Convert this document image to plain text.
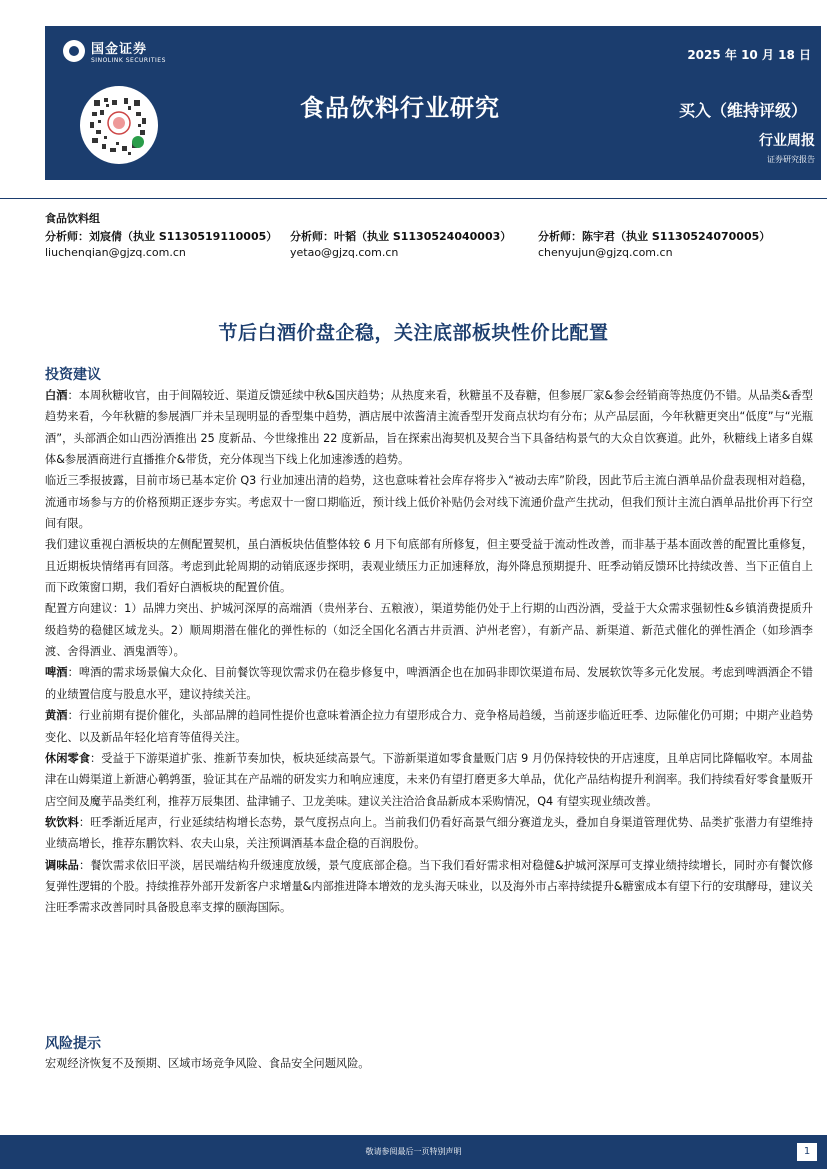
国金证券
SINOLINK SECURITIES	2025 年 10 月 18 日
食品饮料行业研究	买入（维持评级）
行业周报
证券研究报告
食品饮料组
分析师：刘宸倩（执业 S1130519110005） 分析师：叶韬（执业 S1130524040003） 分析师：陈宇君（执业 S1130524070005）
liuchenqian@gjzq.com.cn	yetao@gjzq.com.cn	chenyujun@gjzq.com.cn
节后白酒价盘企稳，关注底部板块性价比配置
投资建议

白酒：本周秋糖收官，由于间隔较近、渠道反馈延续中秋&国庆趋势；从热度来看，秋糖虽不及春糖，但参展厂家&参会经销商等热度仍不错。从品类&香型趋势来看，今年秋糖的参展酒厂并未呈现明显的香型集中趋势，酒店展中浓酱清主流香型开发商点状均有分布；从产品层面，今年秋糖更突出“低度”与“光瓶酒”，头部酒企如山西汾酒推出 25 度新品、今世缘推出 22 度新品，旨在探索出海契机及契合当下具备结构景气的大众自饮赛道。此外，秋糖线上诸多自媒体&参展酒商进行直播推介&带货，充分体现当下线上化加速渗透的趋势。

临近三季报披露，目前市场已基本定价 Q3 行业加速出清的趋势，这也意味着社会库存将步入“被动去库”阶段，因此节后主流白酒单品价盘表现相对趋稳，流通市场参与方的价格预期正逐步夯实。考虑双十一窗口期临近，预计线上低价补贴仍会对线下流通价盘产生扰动，但我们预计主流白酒单品批价再下行空间有限。

我们建议重视白酒板块的左侧配置契机，虽白酒板块估值整体较 6 月下旬底部有所修复，但主要受益于流动性改善，而非基于基本面改善的配置比重修复，且近期板块情绪再有回落。考虑到此轮周期的动销底逐步探明，表观业绩压力正加速释放，海外降息预期提升、旺季动销反馈环比持续改善、当下正值自上而下政策窗口期，我们看好白酒板块的配置价值。

配置方向建议：1）品牌力突出、护城河深厚的高端酒（贵州茅台、五粮液），渠道势能仍处于上行期的山西汾酒，受益于大众需求强韧性&乡镇消费提质升级趋势的稳健区域龙头。2）顺周期潜在催化的弹性标的（如泛全国化名酒古井贡酒、泸州老窖），有新产品、新渠道、新范式催化的弹性酒企（如珍酒李渡、舍得酒业、酒鬼酒等）。

啤酒：啤酒的需求场景偏大众化、目前餐饮等现饮需求仍在稳步修复中，啤酒酒企也在加码非即饮渠道布局、发展软饮等多元化发展。考虑到啤酒酒企不错的业绩置信度与股息水平，建议持续关注。

黄酒：行业前期有提价催化，头部品牌的趋同性提价也意味着酒企拉力有望形成合力、竞争格局趋缓，当前逐步临近旺季、边际催化仍可期；中期产业趋势变化、以及新品年轻化培育等值得关注。

休闲零食：受益于下游渠道扩张、推新节奏加快，板块延续高景气。下游新渠道如零食量贩门店 9 月仍保持较快的开店速度，且单店同比降幅收窄。本周盐津在山姆渠道上新溏心鹌鹑蛋，验证其在产品端的研发实力和响应速度，未来仍有望打磨更多大单品，优化产品结构提升利润率。我们持续看好零食量贩开店空间及魔芋品类红利，推荐万辰集团、盐津铺子、卫龙美味。建议关注洽洽食品新成本采购情况，Q4 有望实现业绩改善。

软饮料：旺季渐近尾声，行业延续结构增长态势，景气度拐点向上。当前我们仍看好高景气细分赛道龙头，叠加自身渠道管理优势、品类扩张潜力有望维持业绩高增长，推荐东鹏饮料、农夫山泉，关注预调酒基本盘企稳的百润股份。

调味品：餐饮需求依旧平淡，居民端结构升级速度放缓，景气度底部企稳。当下我们看好需求相对稳健&护城河深厚可支撑业绩持续增长，同时亦有餐饮修复弹性逻辑的个股。持续推荐外部开发新客户求增量&内部推进降本增效的龙头海天味业，以及海外市占率持续提升&糖蜜成本有望下行的安琪酵母，建议关注旺季需求改善同时具备股息率支撑的颐海国际。

风险提示
宏观经济恢复不及预期、区域市场竞争风险、食品安全问题风险。
敬请参阅最后一页特别声明	1
